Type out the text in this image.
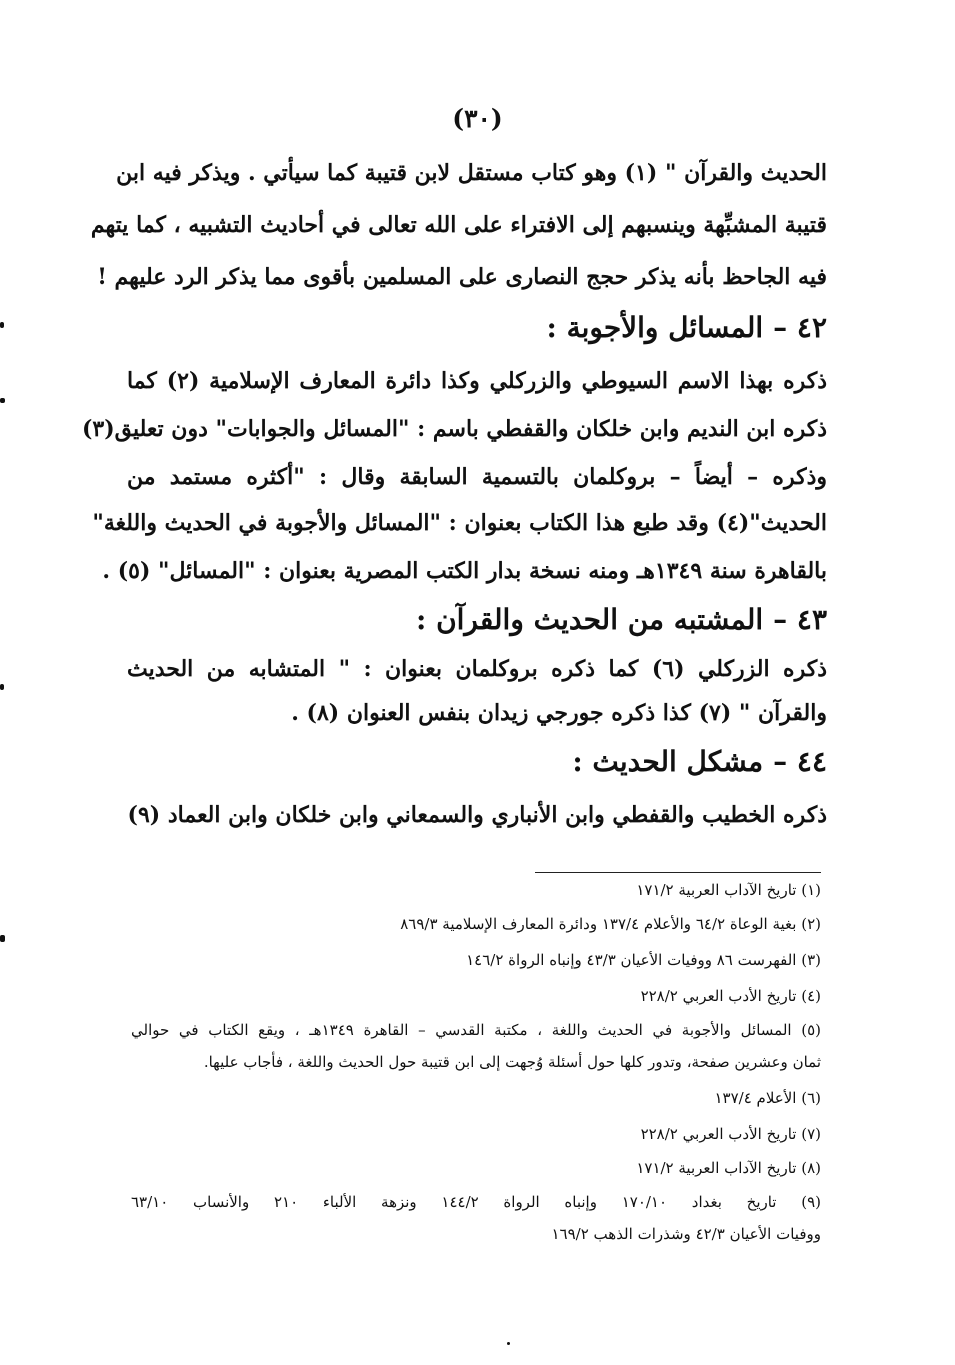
(٣٠)
الحديث والقرآن " (١) وهو كتاب مستقل لابن قتيبة كما سيأتي . ويذكر فيه ابن
قتيبة المشبِّهة وينسبهم إلى الافتراء على الله تعالى في أحاديث التشبيه ، كما يتهم
فيه الجاحظ بأنه يذكر حجج النصارى على المسلمين بأقوى مما يذكر الرد عليهم !
٤٢ –المسائل والأجوبة :
ذكره بهذا الاسم السيوطي والزركلي وكذا دائرة المعارف الإسلامية (٢) كما
ذكره ابن النديم وابن خلكان والقفطي باسم : "المسائل والجوابات" دون تعليق(٣)
وذكره – أيضاً – بروكلمان بالتسمية السابقة وقال : "أكثره مستمد من
الحديث"(٤) وقد طبع هذا الكتاب بعنوان : "المسائل والأجوبة في الحديث واللغة"
بالقاهرة سنة ١٣٤٩هـ ومنه نسخة بدار الكتب المصرية بعنوان : "المسائل" (٥) .
٤٣ –المشتبه من الحديث والقرآن :
ذكره الزركلي (٦) كما ذكره بروكلمان بعنوان : " المتشابه من الحديث
والقرآن " (٧) كذا ذكره جورجي زيدان بنفس العنوان (٨) .
٤٤ –مشكل الحديث :
ذكره الخطيب والقفطي وابن الأنباري والسمعاني وابن خلكان وابن العماد (٩)
(١) تاريخ الآداب العربية ١٧١/٢
(٢) بغية الوعاة ٦٤/٢ والأعلام ١٣٧/٤ ودائرة المعارف الإسلامية ٨٦٩/٣
(٣) الفهرست ٨٦ ووفيات الأعيان ٤٣/٣ وإنباه الرواة ١٤٦/٢
(٤) تاريخ الأدب العربي ٢٢٨/٢
(٥) المسائل والأجوبة في الحديث واللغة ، مكتبة القدسي – القاهرة ١٣٤٩هـ ، ويقع الكتاب في حوالي
ثمان وعشرين صفحة، وتدور كلها حول أسئلة وُجهت إلى ابن قتيبة حول الحديث واللغة ، فأجاب عليها.
(٦) الأعلام ١٣٧/٤
(٧) تاريخ الأدب العربي ٢٢٨/٢
(٨) تاريخ الآداب العربية ١٧١/٢
(٩) تاريخ بغداد ١٧٠/١٠ وإنباه الرواة ١٤٤/٢ ونزهة الألباء ٢١٠ والأنساب ٦٣/١٠
ووفيات الأعيان ٤٢/٣ وشذرات الذهب ١٦٩/٢
